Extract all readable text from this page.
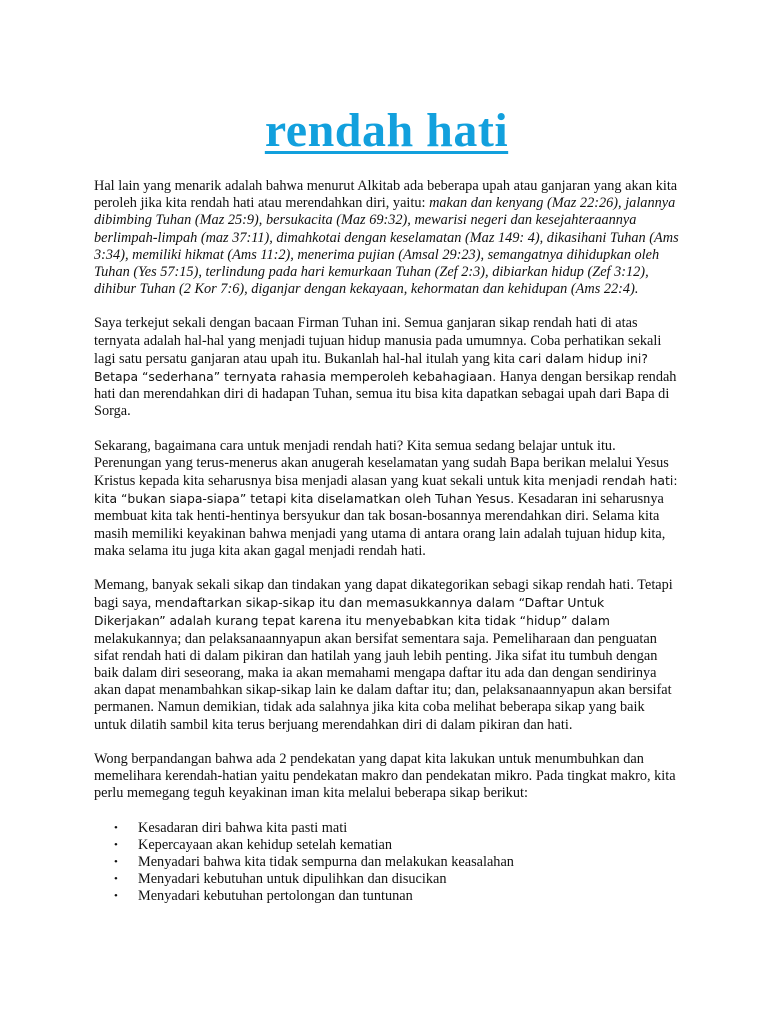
rendah hati

Hal lain yang menarik adalah bahwa menurut Alkitab ada beberapa upah atau ganjaran yang akan kita peroleh jika kita rendah hati atau merendahkan diri, yaitu: makan dan kenyang (Maz 22:26), jalannya dibimbing Tuhan (Maz 25:9), bersukacita (Maz 69:32), mewarisi negeri dan kesejahteraannya berlimpah-limpah (maz 37:11), dimahkotai dengan keselamatan (Maz 149: 4), dikasihani Tuhan (Ams 3:34), memiliki hikmat (Ams 11:2), menerima pujian (Amsal 29:23), semangatnya dihidupkan oleh Tuhan (Yes 57:15), terlindung pada hari kemurkaan Tuhan (Zef 2:3), dibiarkan hidup (Zef 3:12), dihibur Tuhan (2 Kor 7:6), diganjar dengan kekayaan, kehormatan dan kehidupan (Ams 22:4).

Saya terkejut sekali dengan bacaan Firman Tuhan ini. Semua ganjaran sikap rendah hati di atas ternyata adalah hal-hal yang menjadi tujuan hidup manusia pada umumnya. Coba perhatikan sekali lagi satu persatu ganjaran atau upah itu. Bukanlah hal-hal itulah yang kita cari dalam hidup ini? Betapa “sederhana” ternyata rahasia memperoleh kebahagiaan. Hanya dengan bersikap rendah hati dan merendahkan diri di hadapan Tuhan, semua itu bisa kita dapatkan sebagai upah dari Bapa di Sorga.

Sekarang, bagaimana cara untuk menjadi rendah hati? Kita semua sedang belajar untuk itu. Perenungan yang terus-menerus akan anugerah keselamatan yang sudah Bapa berikan melalui Yesus Kristus kepada kita seharusnya bisa menjadi alasan yang kuat sekali untuk kita menjadi rendah hati: kita “bukan siapa-siapa” tetapi kita diselamatkan oleh Tuhan Yesus. Kesadaran ini seharusnya membuat kita tak henti-hentinya bersyukur dan tak bosan-bosannya merendahkan diri. Selama kita masih memiliki keyakinan bahwa menjadi yang utama di antara orang lain adalah tujuan hidup kita, maka selama itu juga kita akan gagal menjadi rendah hati.

Memang, banyak sekali sikap dan tindakan yang dapat dikategorikan sebagi sikap rendah hati. Tetapi bagi saya, mendaftarkan sikap-sikap itu dan memasukkannya dalam “Daftar Untuk Dikerjakan” adalah kurang tepat karena itu menyebabkan kita tidak “hidup” dalam melakukannya; dan pelaksanaannyapun akan bersifat sementara saja. Pemeliharaan dan penguatan sifat rendah hati di dalam pikiran dan hatilah yang jauh lebih penting. Jika sifat itu tumbuh dengan baik dalam diri seseorang, maka ia akan memahami mengapa daftar itu ada dan dengan sendirinya akan dapat menambahkan sikap-sikap lain ke dalam daftar itu; dan, pelaksanaannyapun akan bersifat permanen. Namun demikian, tidak ada salahnya jika kita coba melihat beberapa sikap yang baik untuk dilatih sambil kita terus berjuang merendahkan diri di dalam pikiran dan hati.

Wong berpandangan bahwa ada 2 pendekatan yang dapat kita lakukan untuk menumbuhkan dan memelihara kerendah-hatian yaitu pendekatan makro dan pendekatan mikro. Pada tingkat makro, kita perlu memegang teguh keyakinan iman kita melalui beberapa sikap berikut:

• Kesadaran diri bahwa kita pasti mati
• Kepercayaan akan kehidup setelah kematian
• Menyadari bahwa kita tidak sempurna dan melakukan keasalahan
• Menyadari kebutuhan untuk dipulihkan dan disucikan
• Menyadari kebutuhan pertolongan dan tuntunan
